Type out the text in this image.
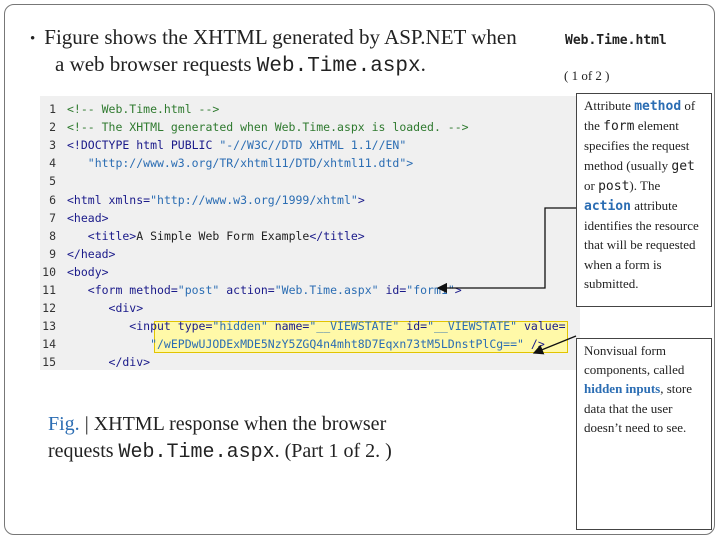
• Figure shows the XHTML generated by ASP.NET when
a web browser requests Web.Time.aspx.
Web.Time.html
( 1 of 2 )
1 <!-- Web.Time.html -->
2 <!-- The XHTML generated when Web.Time.aspx is loaded. -->
3 <!DOCTYPE html PUBLIC "-//W3C//DTD XHTML 1.1//EN"
4 "http://www.w3.org/TR/xhtml11/DTD/xhtml11.dtd">
5
6 <html xmlns="http://www.w3.org/1999/xhtml">
7 <head>
8 <title>A Simple Web Form Example</title>
9 </head>
10 <body>
11 <form method="post" action="Web.Time.aspx" id="form1">
12 <div>
13 <input type="hidden" name="__VIEWSTATE" id="__VIEWSTATE" value=
14 "/wEPDwUJODExMDE5NzY5ZGQ4n4mht8D7Eqxn73tM5LDnstPlCg==" />
15 </div>
Fig. | XHTML response when the browser
requests Web.Time.aspx. (Part 1 of 2. )
Attribute method of the form element specifies the request method (usually get or post). The action attribute identifies the resource that will be requested when a form is submitted.
Nonvisual form components, called hidden inputs, store data that the user doesn’t need to see.
